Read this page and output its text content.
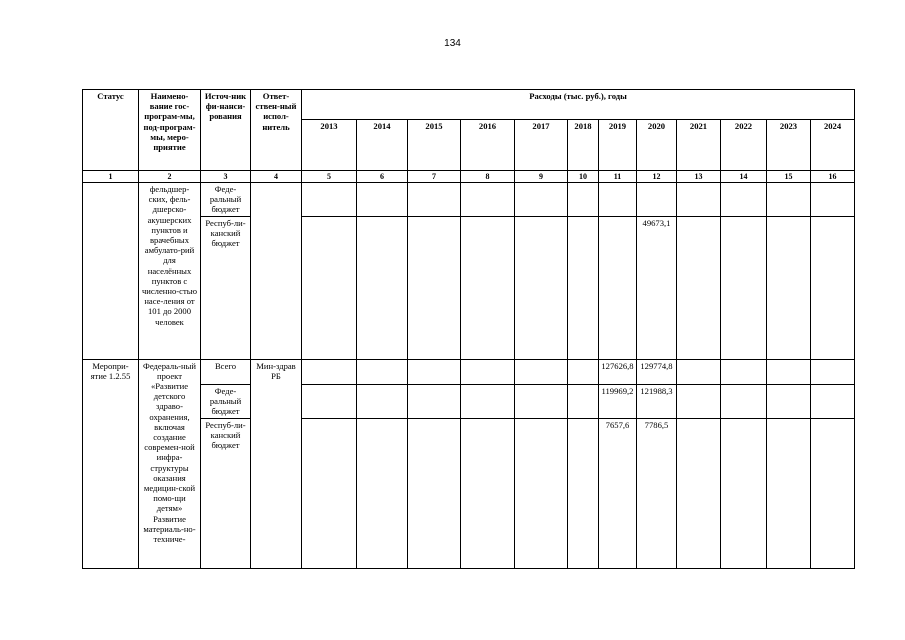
134
Статус	Наимено-вание гос-програм-мы, под-програм-мы, меро-приятие	Источ-ник фи-нанси-рования	Ответ-ствен-ный испол-нитель	Расходы (тыс. руб.), годы											
				2013	2014	2015	2016	2017	2018	2019	2020	2021	2022	2023	2024
1	2	3	4	5	6	7	8	9	10	11	12	13	14	15	16
	фельдшер-ских, фель-дшерско-акушерских пунктов и врачебных амбулато-рий для населённых пунктов с численно-стью насе-ления от 101 до 2000 человек	Феде-ральный бюджет													
		Респуб-ли-канский бюджет									49673,1				
Меропри-ятие 1.2.55	Федераль-ный проект «Развитие детского здраво-охранения, включая создание современ-ной инфра-структуры оказания медицин-ской помо-щи детям» Развитие материаль-но-техниче-	Всего	Мин-здрав РБ							127626,8	129774,8				
		Феде-ральный бюджет								119969,2	121988,3				
		Респуб-ли-канский бюджет								7657,6	7786,5				
